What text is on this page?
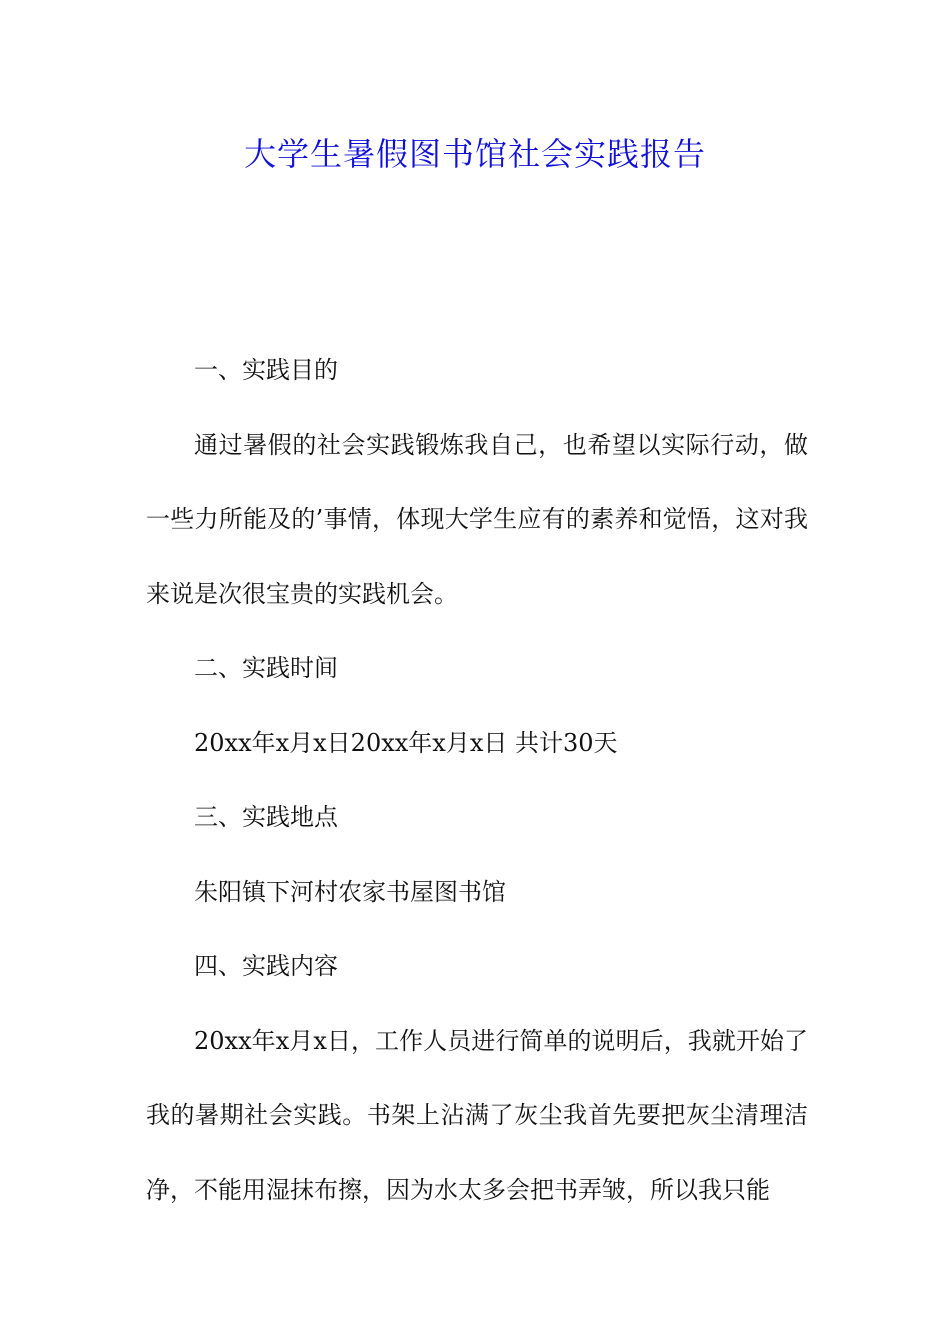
大学生暑假图书馆社会实践报告

一、实践目的

通过暑假的社会实践锻炼我自己，也希望以实际行动，做一些力所能及的’事情，体现大学生应有的素养和觉悟，这对我来说是次很宝贵的实践机会。

二、实践时间

20xx年x月x日20xx年x月x日 共计30天

三、实践地点

朱阳镇下河村农家书屋图书馆

四、实践内容

20xx年x月x日，工作人员进行简单的说明后，我就开始了我的暑期社会实践。书架上沾满了灰尘我首先要把灰尘清理洁净，不能用湿抹布擦，因为水太多会把书弄皱，所以我只能
